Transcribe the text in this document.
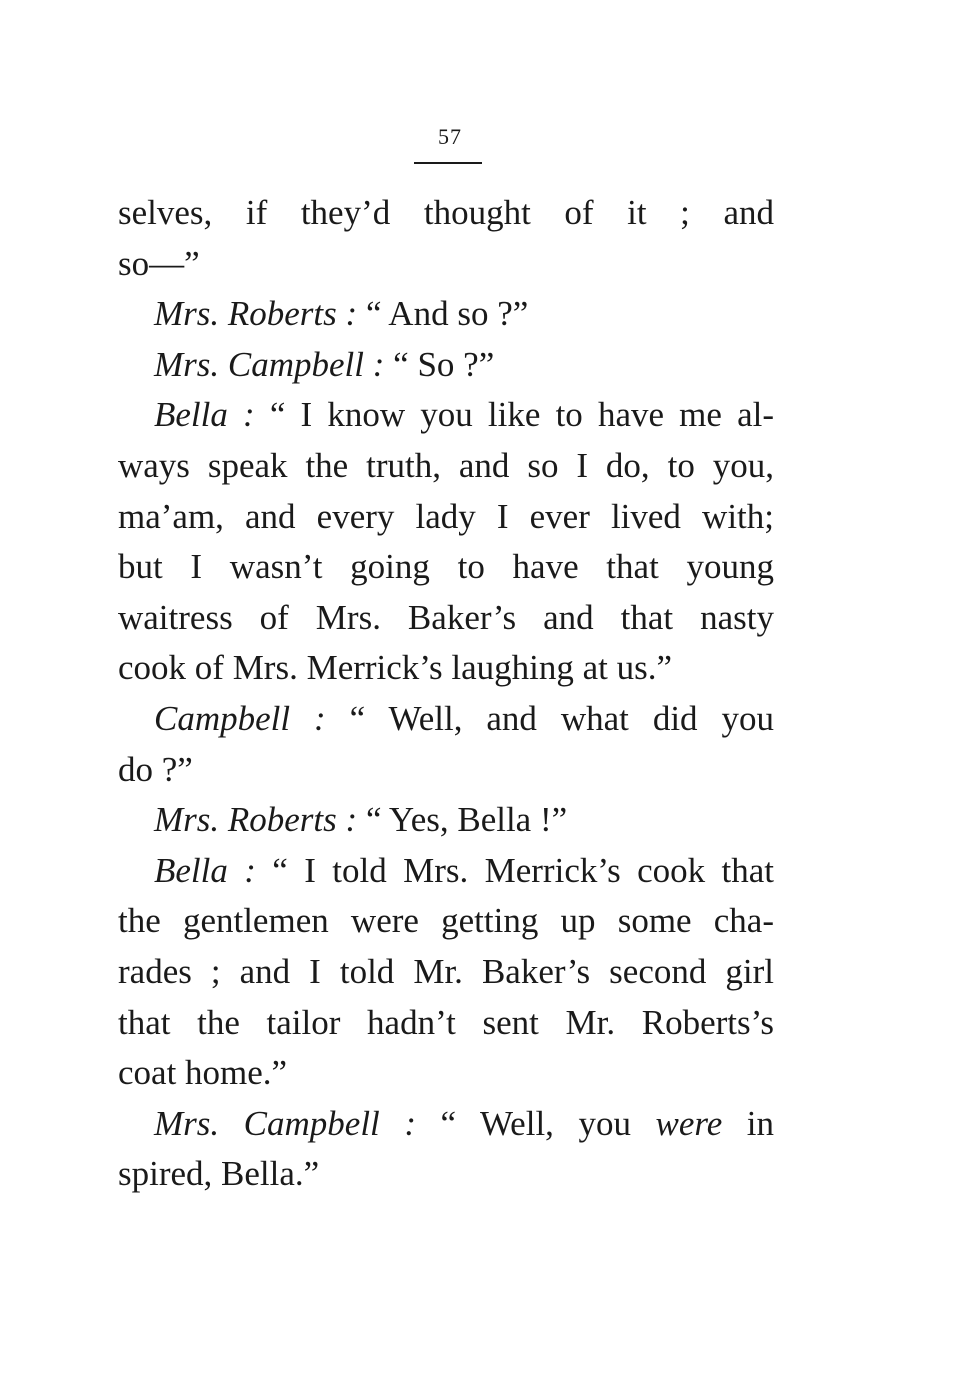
57
selves, if they’d thought of it ; and
so—”
Mrs. Roberts : “ And so ?”
Mrs. Campbell : “ So ?”
Bella : “ I know you like to have me al-
ways speak the truth, and so I do, to you,
ma’am, and every lady I ever lived with;
but I wasn’t going to have that young
waitress of Mrs. Baker’s and that nasty
cook of Mrs. Merrick’s laughing at us.”
Campbell : “ Well, and what did you
do ?”
Mrs. Roberts : “ Yes, Bella !”
Bella : “ I told Mrs. Merrick’s cook that
the gentlemen were getting up some cha-
rades ; and I told Mr. Baker’s second girl
that the tailor hadn’t sent Mr. Roberts’s
coat home.”
Mrs. Campbell : “ Well, you were in
spired, Bella.”
